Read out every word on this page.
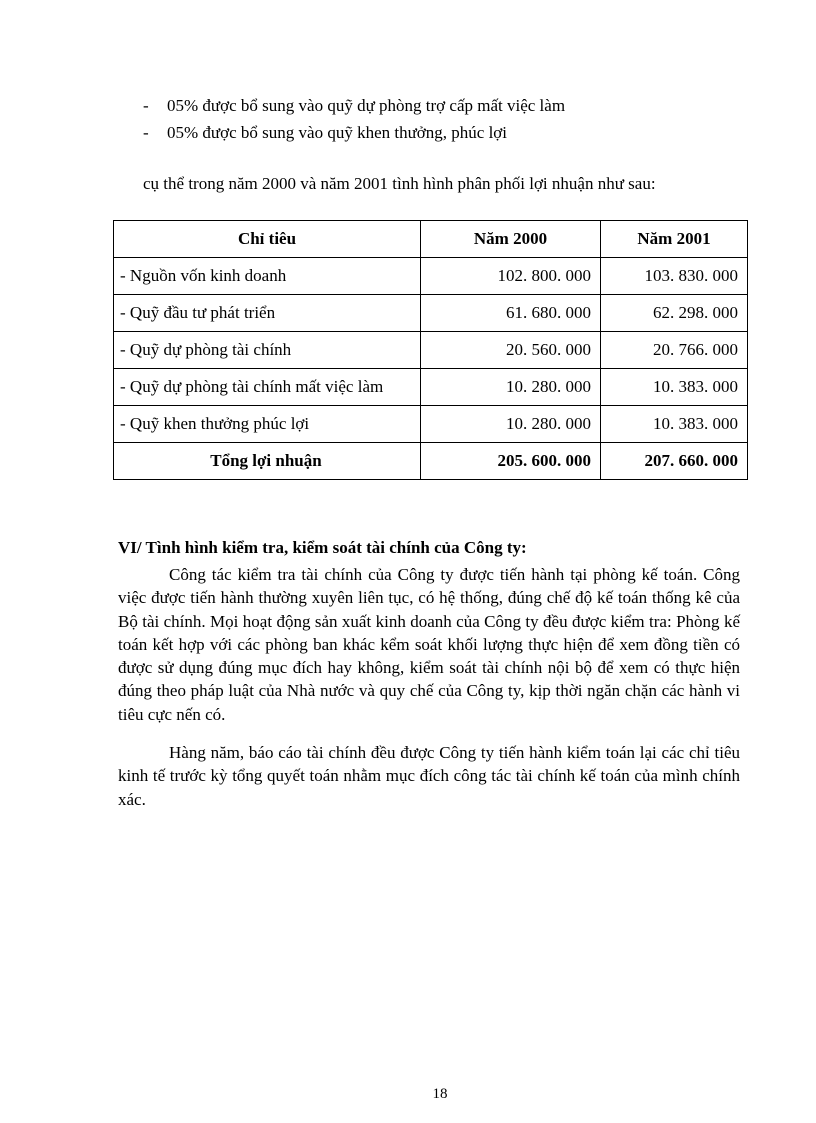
- 05% được bổ sung vào quỹ dự phòng trợ cấp mất việc làm
- 05% được bổ sung vào quỹ khen thưởng, phúc lợi
cụ thể trong năm 2000 và năm 2001 tình hình phân phối lợi nhuận như sau:
Chỉ tiêu	Năm 2000	Năm 2001
- Nguồn vốn kinh doanh	102. 800. 000	103. 830. 000
- Quỹ đầu tư phát triển	61. 680. 000	62. 298. 000
- Quỹ dự phòng tài chính	20. 560. 000	20. 766. 000
- Quỹ dự phòng tài chính mất việc làm	10. 280. 000	10. 383. 000
- Quỹ khen thưởng phúc lợi	10. 280. 000	10. 383. 000
Tổng lợi nhuận	205. 600. 000	207. 660. 000
VI/ Tình hình kiểm tra, kiểm soát tài chính của Công ty:

Công tác kiểm tra tài chính của Công ty được tiến hành tại phòng kế toán. Công việc được tiến hành thường xuyên liên tục, có hệ thống, đúng chế độ kế toán thống kê của Bộ tài chính. Mọi hoạt động sản xuất kinh doanh của Công ty đều được kiểm tra: Phòng kế toán kết hợp với các phòng ban khác kểm soát khối lượng thực hiện để xem đồng tiền có được sử dụng đúng mục đích hay không, kiểm soát tài chính nội bộ để xem có thực hiện đúng theo pháp luật của Nhà nước và quy chế của Công ty, kịp thời ngăn chặn các hành vi tiêu cực nến có.

Hàng năm, báo cáo tài chính đều được Công ty tiến hành kiểm toán lại các chỉ tiêu kinh tế trước kỳ tổng quyết toán nhằm mục đích công tác tài chính kế toán của mình chính xác.

18
